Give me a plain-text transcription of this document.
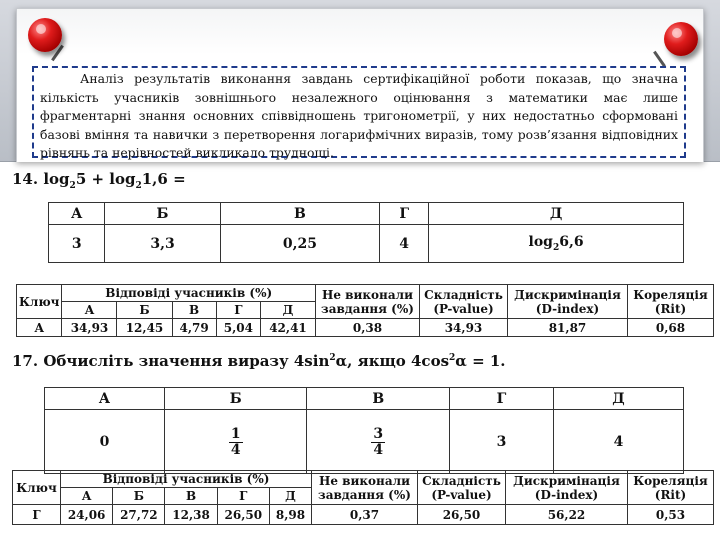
Аналіз результатів виконання завдань сертифікаційної роботи показав, що значна кількість учасників зовнішнього незалежного оцінювання з математики має лише фрагментарні знання основних співвідношень тригонометрії, у них недостатньо сформовані базові вміння та навички з перетворення логарифмічних виразів, тому розв’язання відповідних рівнянь та нерівностей викликало труднощі.
14. $\log_25 + \log_21,6$ =
А	Б	В	Г	Д
3	3,3	0,25	4	$\log_26,6$
Ключ	Відповіді учасників (%)					Не виконали завдання (%)	Складність (P-value)	Дискримінація (D-index)	Кореляція (Rit)
	А	Б	В	Г	Д				
А	34,93	12,45	4,79	5,04	42,41	0,38	34,93	81,87	0,68
17. Обчисліть значення виразу $4\sin^2\alpha$, якщо $4\cos^2\alpha = 1$.
А	Б	В	Г	Д
0	$\frac{1}{4}$	$\frac{3}{4}$	3	4
Ключ	Відповіді учасників (%)					Не виконали завдання (%)	Складність (P-value)	Дискримінація (D-index)	Кореляція (Rit)
	А	Б	В	Г	Д				
Г	24,06	27,72	12,38	26,50	8,98	0,37	26,50	56,22	0,53
